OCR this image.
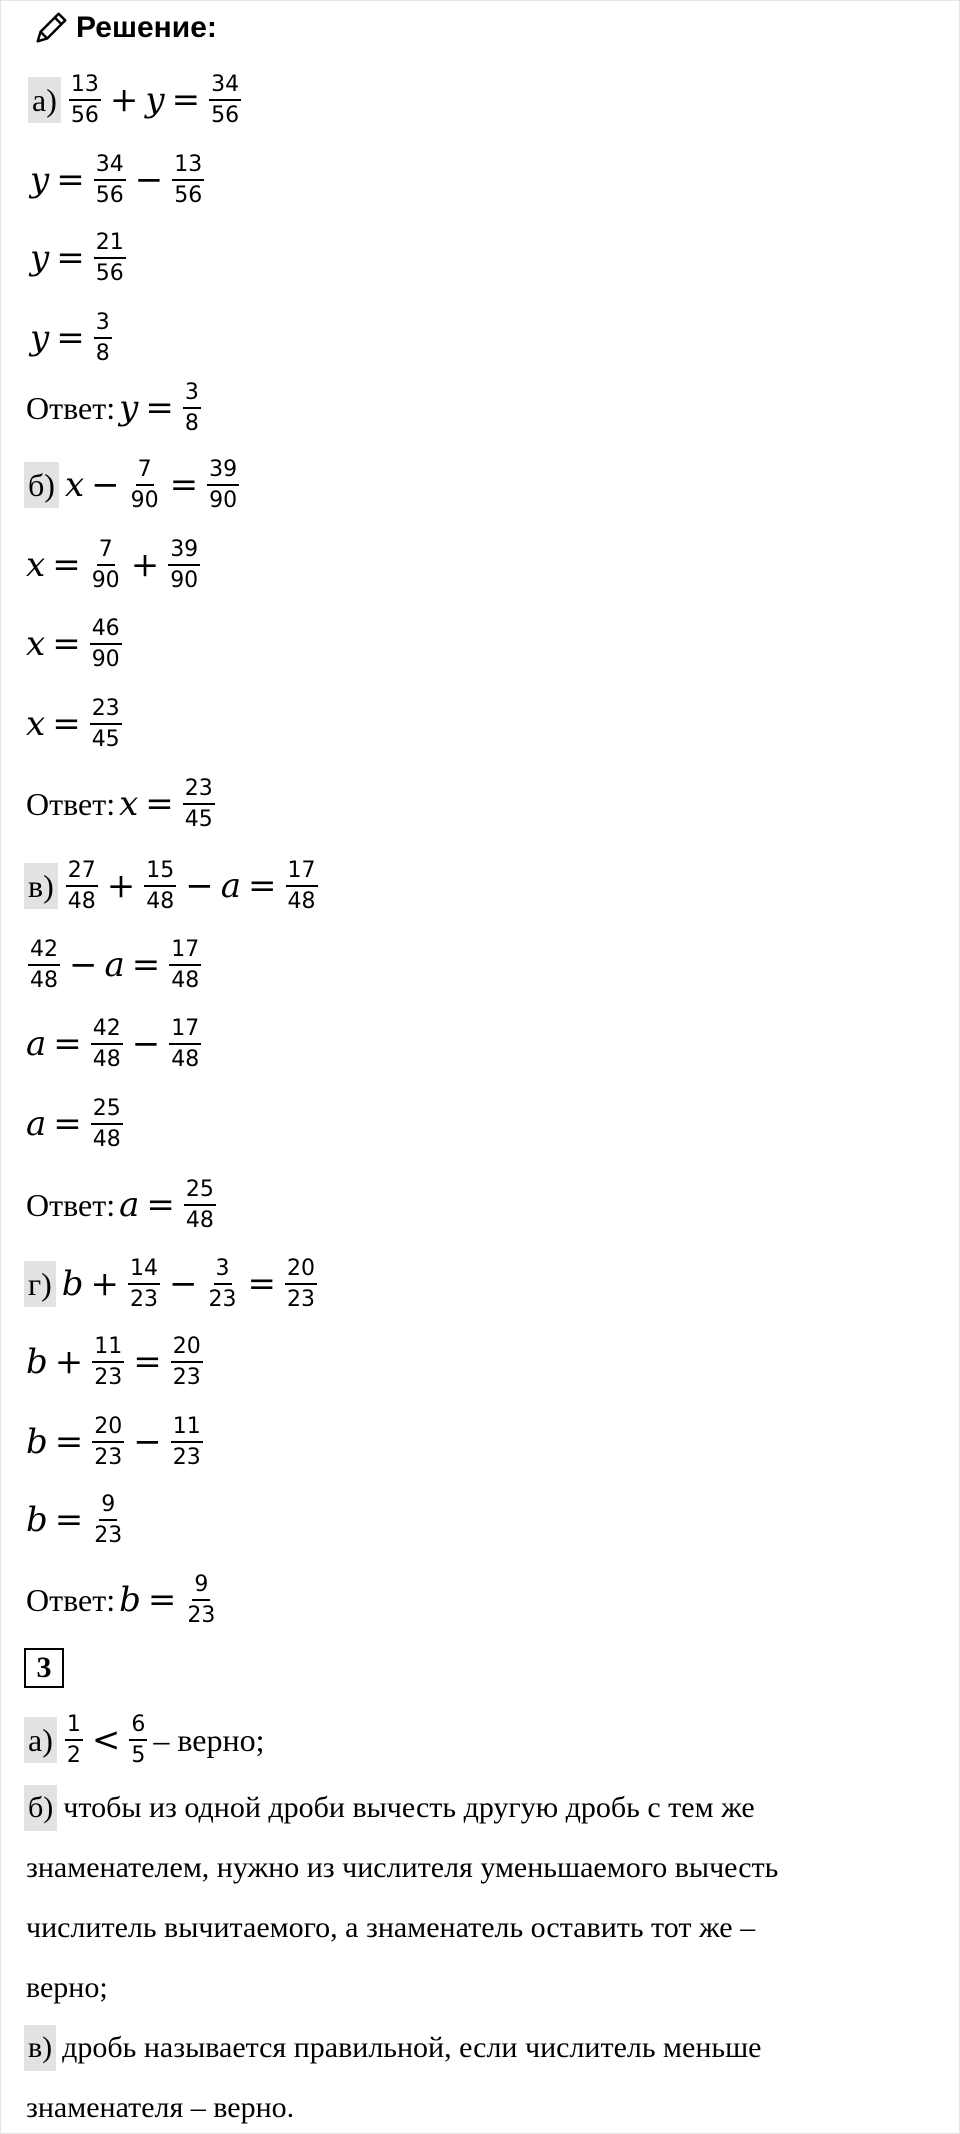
Решение:
$а) \frac{13}{56} + y = \frac{34}{56}$
$y = \frac{34}{56} - \frac{13}{56}$
$y = \frac{21}{56}$
$y = \frac{3}{8}$
Ответ:
$y = \frac{3}{8}$
б) $x - \frac{7}{90} = \frac{39}{90}$
$x = \frac{7}{90} + \frac{39}{90}$
$x = \frac{46}{90}$
$x = \frac{23}{45}$
Ответ:
$x = \frac{23}{45}$
$в) \frac{27}{48} + \frac{15}{48} - a = \frac{17}{48}$
$\frac{42}{48} - a = \frac{17}{48}$
$a = \frac{42}{48} - \frac{17}{48}$
$a = \frac{25}{48}$
Ответ:
$a = \frac{25}{48}$
г) $b + \frac{14}{23} - \frac{3}{23} = \frac{20}{23}$
$b + \frac{11}{23} = \frac{20}{23}$
$b = \frac{20}{23} - \frac{11}{23}$
$b = \frac{9}{23}$
Ответ:
$b = \frac{9}{23}$
3
$а) \frac{1}{2} < \frac{6}{5}$ – верно;
б) чтобы из одной дроби вычесть другую дробь с тем же
знаменателем, нужно из числителя уменьшаемого вычесть
числитель вычитаемого, а знаменатель оставить тот же –
верно;
в) дробь называется правильной, если числитель меньше
знаменателя – верно.
